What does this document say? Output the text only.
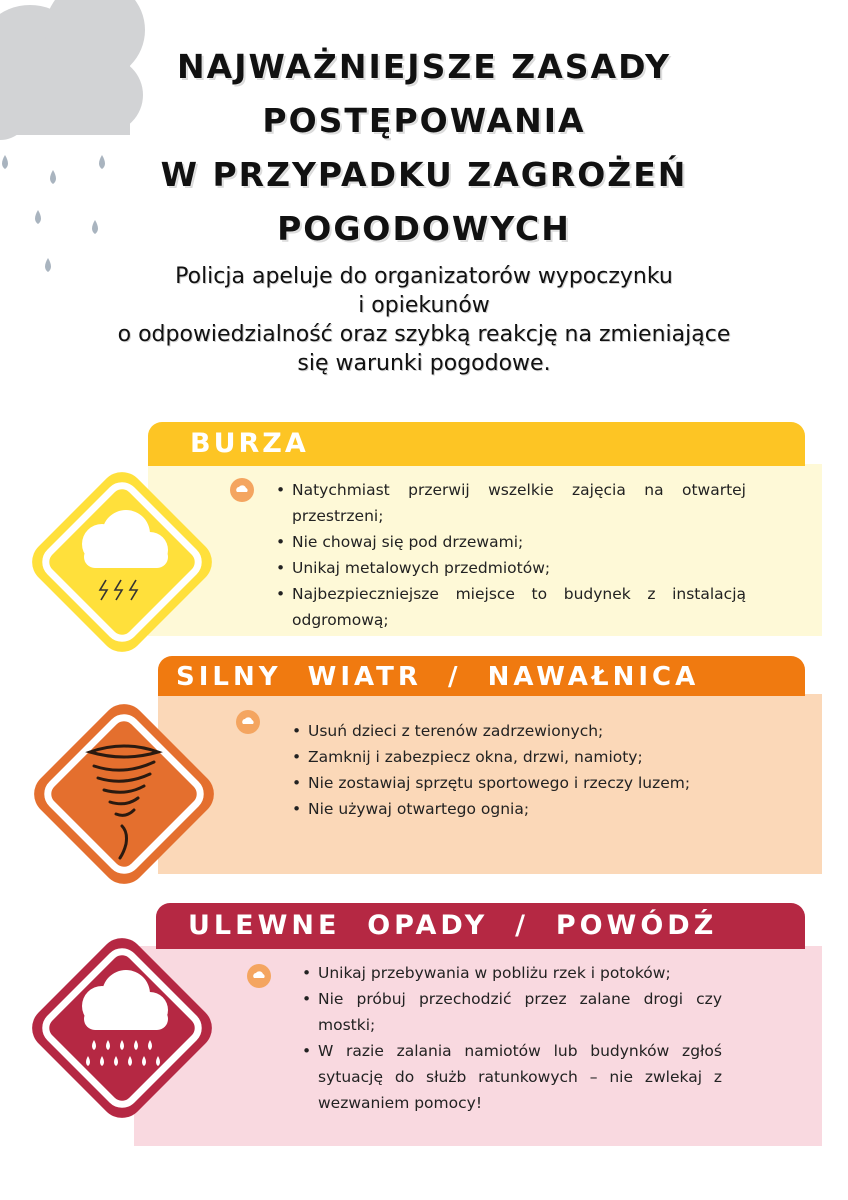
NAJWAŻNIEJSZE ZASADY
POSTĘPOWANIA
W PRZYPADKU ZAGROŻEŃ
POGODOWYCH
Policja apeluje do organizatorów wypoczynku
i opiekunów
o odpowiedzialność oraz szybką reakcję na zmieniające
się warunki pogodowe.
• Natychmiast przerwij wszelkie zajęcia na otwartej przestrzeni;
• Nie chowaj się pod drzewami;
• Unikaj metalowych przedmiotów;
• Najbezpieczniejsze miejsce to budynek z instalacją odgromową;
BURZA
• Usuń dzieci z terenów zadrzewionych;
• Zamknij i zabezpiecz okna, drzwi, namioty;
• Nie zostawiaj sprzętu sportowego i rzeczy luzem;
• Nie używaj otwartego ognia;
SILNY  WIATR  /  NAWAŁNICA
• Unikaj przebywania w pobliżu rzek i potoków;
• Nie próbuj przechodzić przez zalane drogi czy mostki;
• W razie zalania namiotów lub budynków zgłoś sytuację do służb ratunkowych – nie zwlekaj z wezwaniem pomocy!
ULEWNE  OPADY  /  POWÓDŹ
